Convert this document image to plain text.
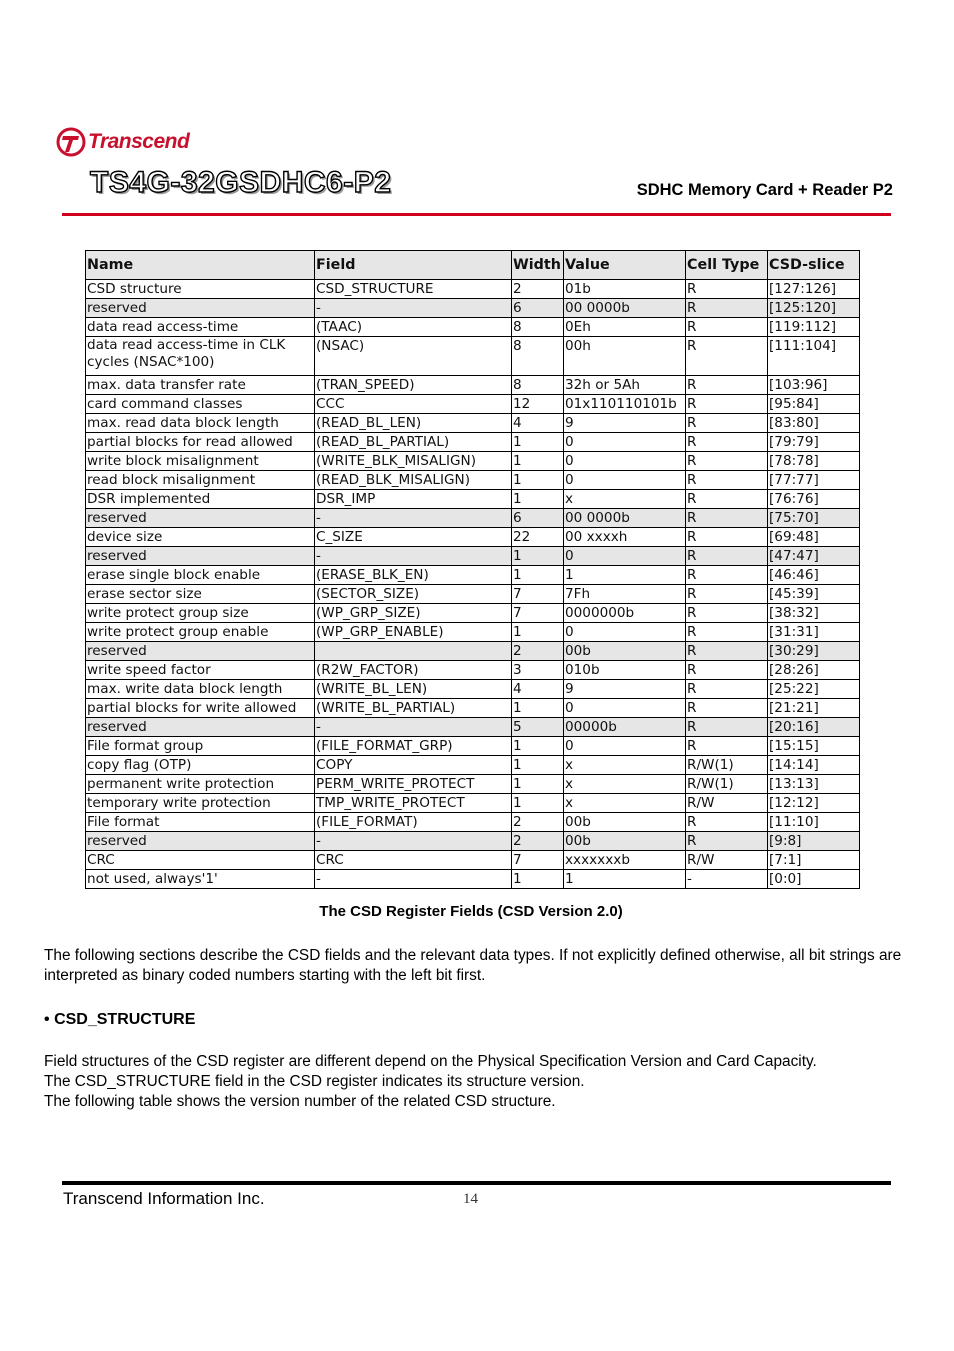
Transcend
TS4G-32GSDHC6-P2	SDHC Memory Card + Reader P2
Name	Field	Width	Value	Cell Type	CSD-slice
CSD structure	CSD_STRUCTURE	2	01b	R	[127:126]
reserved	-	6	00 0000b	R	[125:120]
data read access-time	(TAAC)	8	0Eh	R	[119:112]
data read access-time in CLK cycles (NSAC*100)	(NSAC)	8	00h	R	[111:104]
max. data transfer rate	(TRAN_SPEED)	8	32h or 5Ah	R	[103:96]
card command classes	CCC	12	01x110110101b	R	[95:84]
max. read data block length	(READ_BL_LEN)	4	9	R	[83:80]
partial blocks for read allowed	(READ_BL_PARTIAL)	1	0	R	[79:79]
write block misalignment	(WRITE_BLK_MISALIGN)	1	0	R	[78:78]
read block misalignment	(READ_BLK_MISALIGN)	1	0	R	[77:77]
DSR implemented	DSR_IMP	1	x	R	[76:76]
reserved	-	6	00 0000b	R	[75:70]
device size	C_SIZE	22	00 xxxxh	R	[69:48]
reserved	-	1	0	R	[47:47]
erase single block enable	(ERASE_BLK_EN)	1	1	R	[46:46]
erase sector size	(SECTOR_SIZE)	7	7Fh	R	[45:39]
write protect group size	(WP_GRP_SIZE)	7	0000000b	R	[38:32]
write protect group enable	(WP_GRP_ENABLE)	1	0	R	[31:31]
reserved		2	00b	R	[30:29]
write speed factor	(R2W_FACTOR)	3	010b	R	[28:26]
max. write data block length	(WRITE_BL_LEN)	4	9	R	[25:22]
partial blocks for write allowed	(WRITE_BL_PARTIAL)	1	0	R	[21:21]
reserved	-	5	00000b	R	[20:16]
File format group	(FILE_FORMAT_GRP)	1	0	R	[15:15]
copy flag (OTP)	COPY	1	x	R/W(1)	[14:14]
permanent write protection	PERM_WRITE_PROTECT	1	x	R/W(1)	[13:13]
temporary write protection	TMP_WRITE_PROTECT	1	x	R/W	[12:12]
File format	(FILE_FORMAT)	2	00b	R	[11:10]
reserved	-	2	00b	R	[9:8]
CRC	CRC	7	xxxxxxxb	R/W	[7:1]
not used, always'1'	-	1	1	-	[0:0]
The CSD Register Fields (CSD Version 2.0)

The following sections describe the CSD fields and the relevant data types. If not explicitly defined otherwise, all bit strings are interpreted as binary coded numbers starting with the left bit first.

• CSD_STRUCTURE

Field structures of the CSD register are different depend on the Physical Specification Version and Card Capacity.
The CSD_STRUCTURE field in the CSD register indicates its structure version.
The following table shows the version number of the related CSD structure.

Transcend Information Inc.	14
